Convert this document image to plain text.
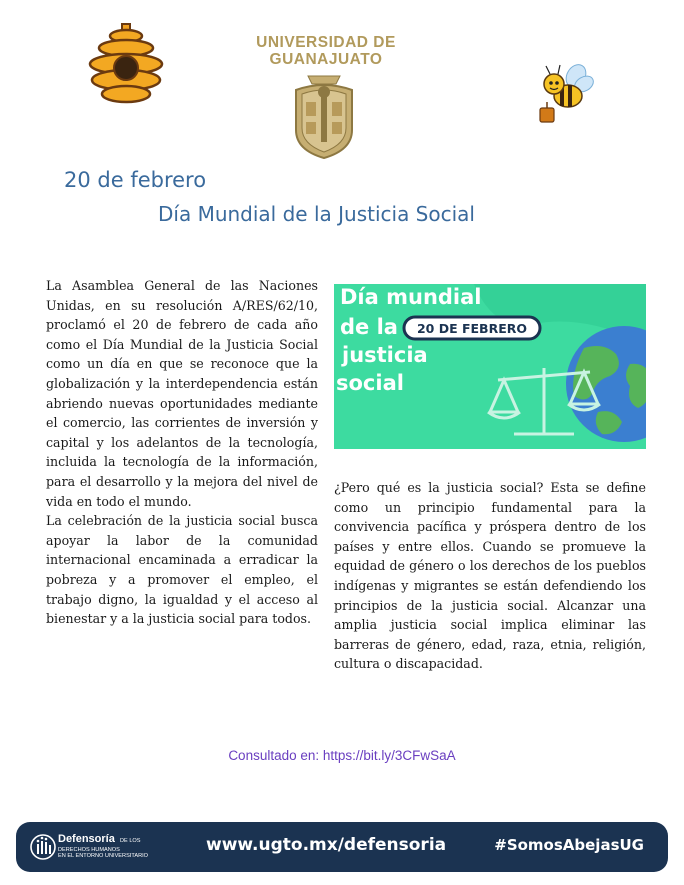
UNIVERSIDAD DE
GUANAJUATO
20 de febrero
Día Mundial de la Justicia Social

La Asamblea General de las Naciones Unidas, en su resolución A/RES/62/10, proclamó el 20 de febrero de cada año como el Día Mundial de la Justicia Social como un día en que se reconoce que la globalización y la interdependencia están abriendo nuevas oportunidades mediante el comercio, las corrientes de inversión y capital y los adelantos de la tecnología, incluida la tecnología de la información, para el desarrollo y la mejora del nivel de vida en todo el mundo.

La celebración de la justicia social busca apoyar la labor de la comunidad internacional encaminada a erradicar la pobreza y a promover el empleo, el trabajo digno, la igualdad y el acceso al bienestar y a la justicia social para todos.

Día mundial
de la 20 DE FEBRERO
justicia
social

¿Pero qué es la justicia social? Esta se define como un principio fundamental para la convivencia pacífica y próspera dentro de los países y entre ellos. Cuando se promueve la equidad de género o los derechos de los pueblos indígenas y migrantes se están defendiendo los principios de la justicia social. Alcanzar una amplia justicia social implica eliminar las barreras de género, edad, raza, etnia, religión, cultura o discapacidad.

Consultado en: https://bit.ly/3CFwSaA
Defensoría DE LOS
DERECHOS HUMANOS
EN EL ENTORNO UNIVERSITARIO
www.ugto.mx/defensoria	#SomosAbejasUG
